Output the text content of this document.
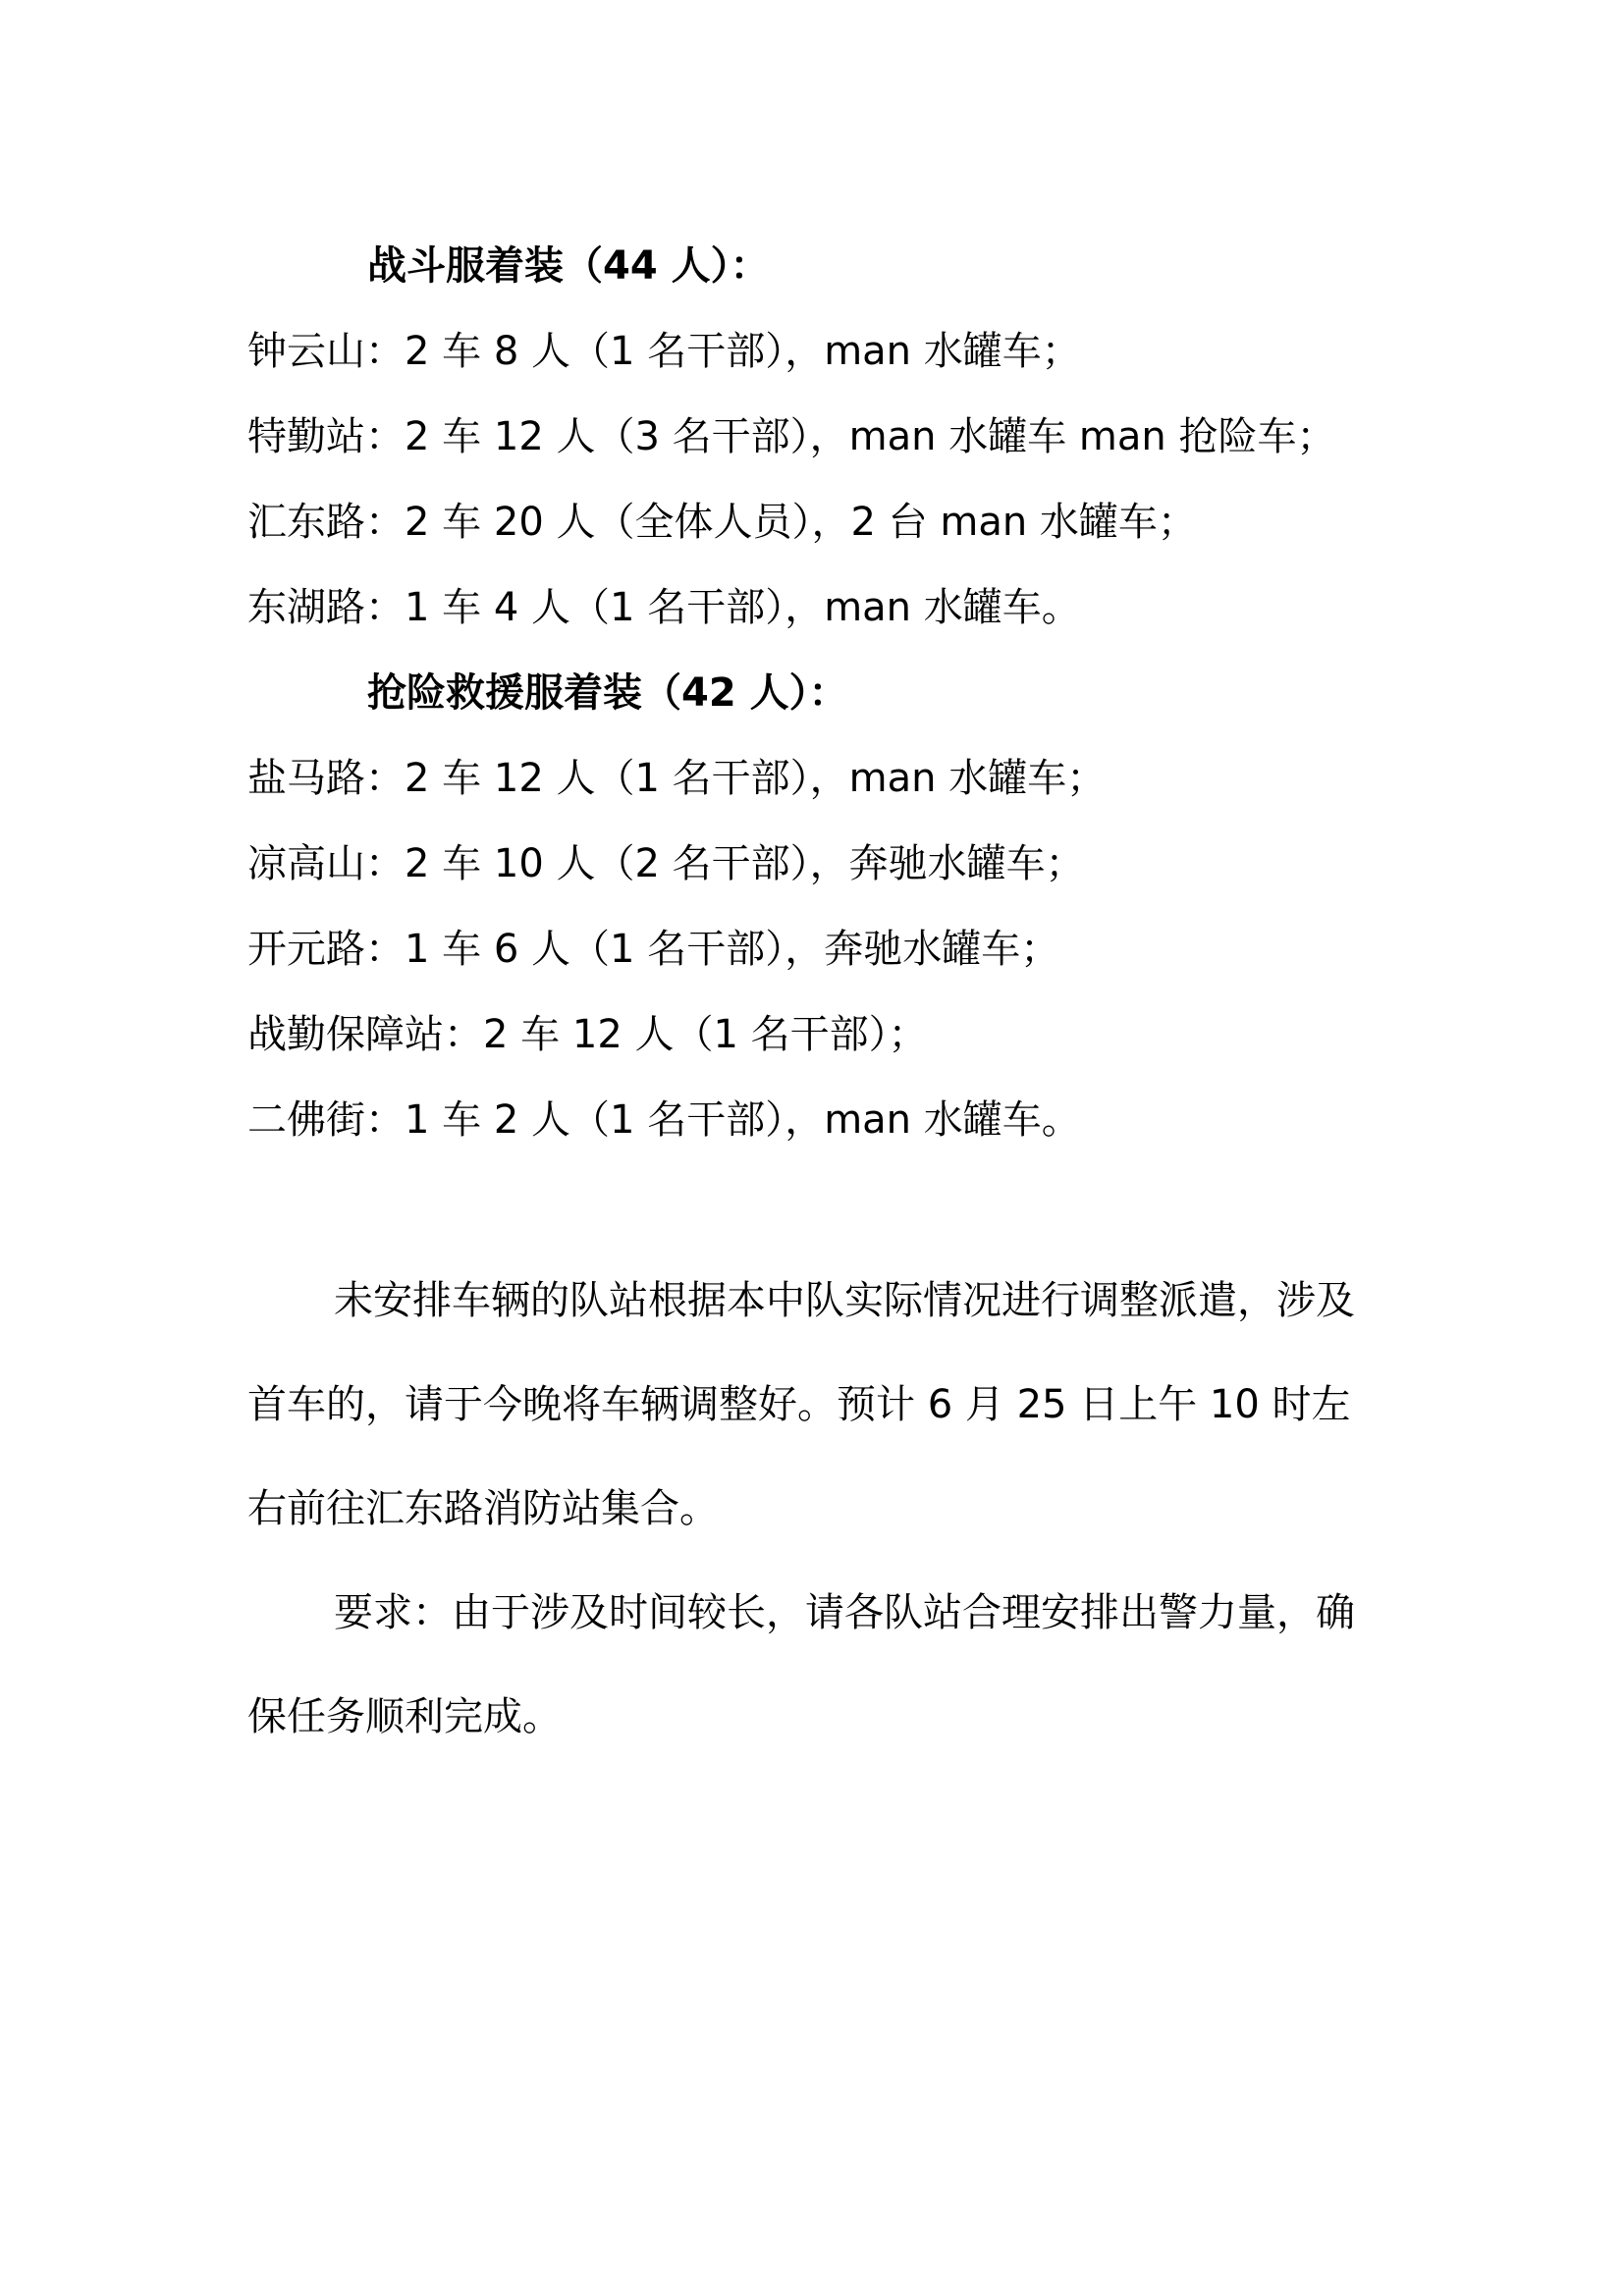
战斗服着装（44 人）：
钟云山：2 车 8 人（1 名干部），man 水罐车；
特勤站：2 车 12 人（3 名干部），man 水罐车 man 抢险车；
汇东路：2 车 20 人（全体人员），2 台 man 水罐车；
东湖路：1 车 4 人（1 名干部），man 水罐车。
抢险救援服着装（42 人）：
盐马路：2 车 12 人（1 名干部），man 水罐车；
凉高山：2 车 10 人（2 名干部），奔驰水罐车；
开元路：1 车 6 人（1 名干部），奔驰水罐车；
战勤保障站：2 车 12 人（1 名干部）；
二佛街：1 车 2 人（1 名干部），man 水罐车。

未安排车辆的队站根据本中队实际情况进行调整派遣，涉及首车的，请于今晚将车辆调整好。预计 6 月 25 日上午 10 时左右前往汇东路消防站集合。

要求：由于涉及时间较长，请各队站合理安排出警力量，确保任务顺利完成。
